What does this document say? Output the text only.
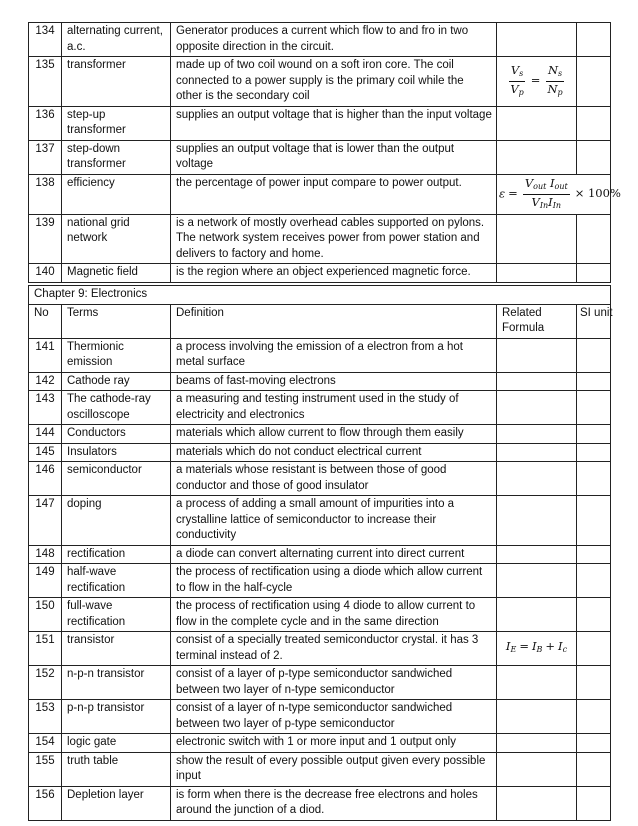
134	alternating current, a.c.	Generator produces a current which flow to and fro in two opposite direction in the circuit.		
135	transformer	made up of two coil wound on a soft iron core. The coil connected to a power supply is the primary coil while the other is the secondary coil	$\frac{V_s}{V_p} = \frac{N_s}{N_p}$

136	step-up transformer	supplies an output voltage that is higher than the input voltage		
137	step-down transformer	supplies an output voltage that is lower than the output voltage		
138	efficiency	the percentage of power input compare to power output.	$\varepsilon = \frac{V_{out} I_{out}}{V_{In}I_{In}} \times 100\%$	
139	national grid network	is a network of mostly overhead cables supported on pylons. The network system receives power from power station and delivers to factory and home.		
140	Magnetic field	is the region where an object experienced magnetic force.		
Chapter 9: Electronics				
No	Terms	Definition	Related Formula	SI unit
141	Thermionic emission	a process involving the emission of a electron from a hot metal surface		
142	Cathode ray	beams of fast-moving electrons		
143	The cathode-ray oscilloscope	a measuring and testing instrument used in the study of electricity and electronics		
144	Conductors	materials which allow current to flow through them easily		
145	Insulators	materials which do not conduct electrical current		
146	semiconductor	a materials whose resistant is between those of good conductor and those of good insulator		
147	doping	a process of adding a small amount of impurities into a crystalline lattice of semiconductor to increase their conductivity		
148	rectification	a diode can convert alternating current into direct current		
149	half-wave rectification	the process of rectification using a diode which allow current to flow in the half-cycle		
150	full-wave rectification	the process of rectification using 4 diode to allow current to flow in the complete cycle and in the same direction		
151	transistor	consist of a specially treated semiconductor crystal. it has 3 terminal instead of 2.	$I_E = I_B + I_c$	
152	n-p-n transistor	consist of a layer of p-type semiconductor sandwiched between two layer of n-type semiconductor		
153	p-n-p transistor	consist of a layer of n-type semiconductor sandwiched between two layer of p-type semiconductor		
154	logic gate	electronic switch with 1 or more input and 1 output only		
155	truth table	show the result of every possible output given every possible input		
156	Depletion layer	is form when there is the decrease free electrons and holes around the junction of a diod.		
